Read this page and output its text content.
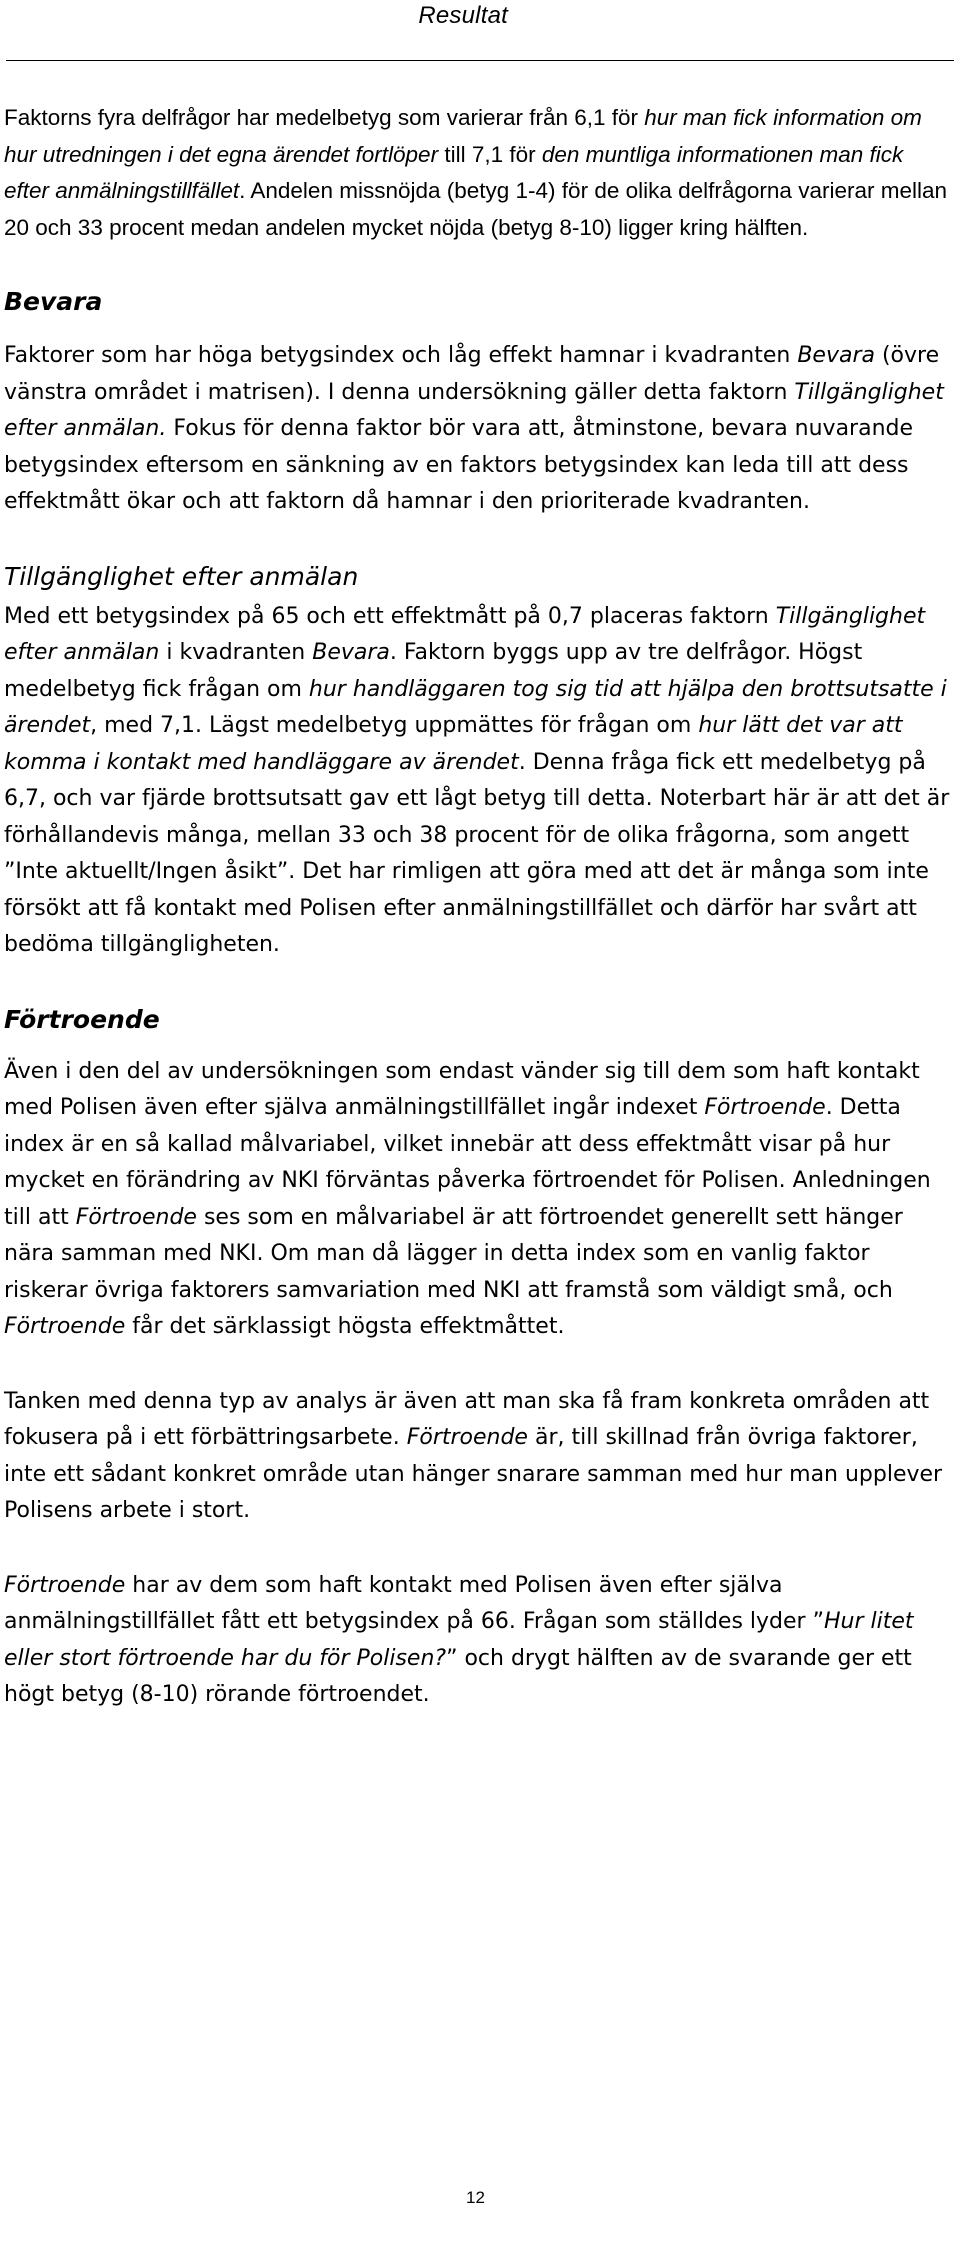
Resultat

Faktorns fyra delfrågor har medelbetyg som varierar från 6,1 för hur man fick information om hur utredningen i det egna ärendet fortlöper till 7,1 för den muntliga informationen man fick efter anmälningstillfället. Andelen missnöjda (betyg 1-4) för de olika delfrågorna varierar mellan 20 och 33 procent medan andelen mycket nöjda (betyg 8-10) ligger kring hälften.

Bevara

Faktorer som har höga betygsindex och låg effekt hamnar i kvadranten Bevara (övre vänstra området i matrisen). I denna undersökning gäller detta faktorn Tillgänglighet efter anmälan. Fokus för denna faktor bör vara att, åtminstone, bevara nuvarande betygsindex eftersom en sänkning av en faktors betygsindex kan leda till att dess effektmått ökar och att faktorn då hamnar i den prioriterade kvadranten.

Tillgänglighet efter anmälan

Med ett betygsindex på 65 och ett effektmått på 0,7 placeras faktorn Tillgänglighet efter anmälan i kvadranten Bevara. Faktorn byggs upp av tre delfrågor. Högst medelbetyg fick frågan om hur handläggaren tog sig tid att hjälpa den brottsutsatte i ärendet, med 7,1. Lägst medelbetyg uppmättes för frågan om hur lätt det var att komma i kontakt med handläggare av ärendet. Denna fråga fick ett medelbetyg på 6,7, och var fjärde brottsutsatt gav ett lågt betyg till detta. Noterbart här är att det är förhållandevis många, mellan 33 och 38 procent för de olika frågorna, som angett ”Inte aktuellt/Ingen åsikt”. Det har rimligen att göra med att det är många som inte försökt att få kontakt med Polisen efter anmälningstillfället och därför har svårt att bedöma tillgängligheten.

Förtroende

Även i den del av undersökningen som endast vänder sig till dem som haft kontakt med Polisen även efter själva anmälningstillfället ingår indexet Förtroende. Detta index är en så kallad målvariabel, vilket innebär att dess effektmått visar på hur mycket en förändring av NKI förväntas påverka förtroendet för Polisen. Anledningen till att Förtroende ses som en målvariabel är att förtroendet generellt sett hänger nära samman med NKI. Om man då lägger in detta index som en vanlig faktor riskerar övriga faktorers samvariation med NKI att framstå som väldigt små, och Förtroende får det särklassigt högsta effektmåttet.

Tanken med denna typ av analys är även att man ska få fram konkreta områden att fokusera på i ett förbättringsarbete. Förtroende är, till skillnad från övriga faktorer, inte ett sådant konkret område utan hänger snarare samman med hur man upplever Polisens arbete i stort.

Förtroende har av dem som haft kontakt med Polisen även efter själva anmälningstillfället fått ett betygsindex på 66. Frågan som ställdes lyder ”Hur litet eller stort förtroende har du för Polisen?” och drygt hälften av de svarande ger ett högt betyg (8-10) rörande förtroendet.

12
